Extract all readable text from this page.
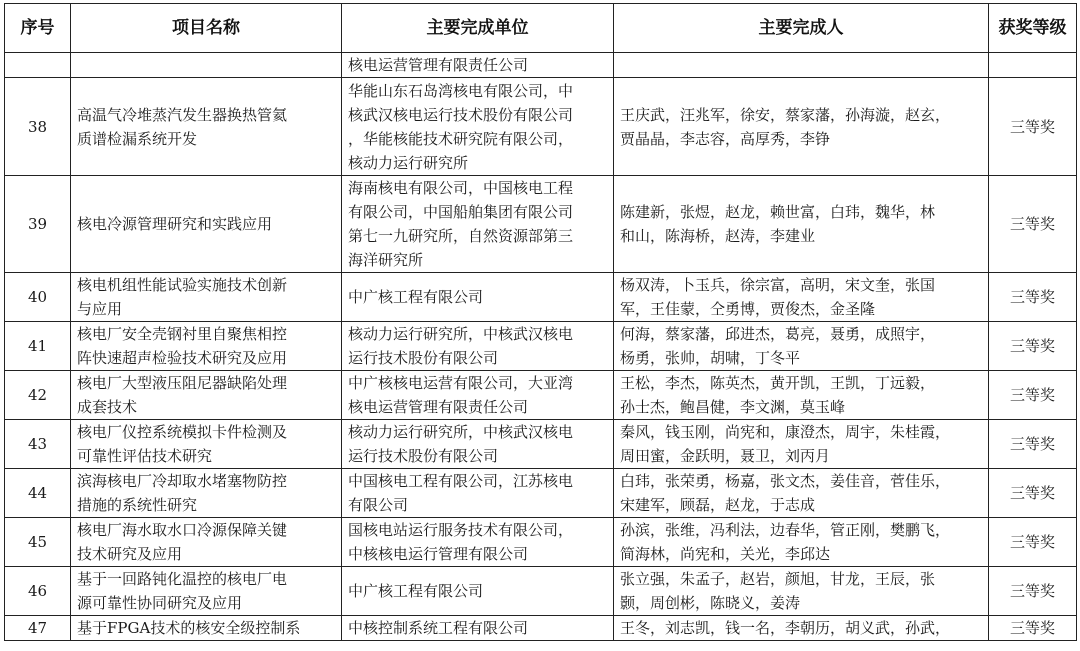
序号	项目名称	主要完成单位	主要完成人	获奖等级

		核电运营管理有限责任公司		

38	高温气冷堆蒸汽发生器换热管氦
质谱检漏系统开发	华能山东石岛湾核电有限公司，中
核武汉核电运行技术股份有限公司
，华能核能技术研究院有限公司，
核动力运行研究所	王庆武，汪兆军，徐安，蔡家藩，孙海漩，赵玄，
贾晶晶，李志容，高厚秀，李铮	三等奖
39	核电冷源管理研究和实践应用	海南核电有限公司，中国核电工程
有限公司，中国船舶集团有限公司
第七一九研究所，自然资源部第三
海洋研究所	陈建新，张煜，赵龙，赖世富，白玮，魏华，林
和山，陈海桥，赵涛，李建业	三等奖
40	核电机组性能试验实施技术创新
与应用	中广核工程有限公司	杨双涛，卜玉兵，徐宗富，高明，宋文奎，张国
军，王佳蒙，仝勇博，贾俊杰，金圣隆	三等奖
41	核电厂安全壳钢衬里自聚焦相控
阵快速超声检验技术研究及应用	核动力运行研究所，中核武汉核电
运行技术股份有限公司	何海，蔡家藩，邱进杰，葛亮，聂勇，成照宇，
杨勇，张帅，胡啸，丁冬平	三等奖
42	核电厂大型液压阻尼器缺陷处理
成套技术	中广核核电运营有限公司，大亚湾
核电运营管理有限责任公司	王松，李杰，陈英杰，黄开凯，王凯，丁远毅，
孙士杰，鲍昌健，李文渊，莫玉峰	三等奖
43	核电厂仪控系统模拟卡件检测及
可靠性评估技术研究	核动力运行研究所，中核武汉核电
运行技术股份有限公司	秦风，钱玉刚，尚宪和，康澄杰，周宇，朱桂霞，
周田蜜，金跃明，聂卫，刘丙月	三等奖
44	滨海核电厂冷却取水堵塞物防控
措施的系统性研究	中国核电工程有限公司，江苏核电
有限公司	白玮，张荣勇，杨嘉，张文杰，姜佳音，菅佳乐，
宋建军，顾磊，赵龙，于志成	三等奖
45	核电厂海水取水口冷源保障关键
技术研究及应用	国核电站运行服务技术有限公司，
中核核电运行管理有限公司	孙滨，张维，冯利法，边春华，管正刚，樊鹏飞，
简海林，尚宪和，关光，李邱达	三等奖
46	基于一回路钝化温控的核电厂电
源可靠性协同研究及应用	中广核工程有限公司	张立强，朱孟子，赵岩，颜旭，甘龙，王辰，张
颢，周创彬，陈晓义，姜涛	三等奖
47	基于FPGA技术的核安全级控制系	中核控制系统工程有限公司	王冬，刘志凯，钱一名，李朝历，胡义武，孙武，	三等奖
